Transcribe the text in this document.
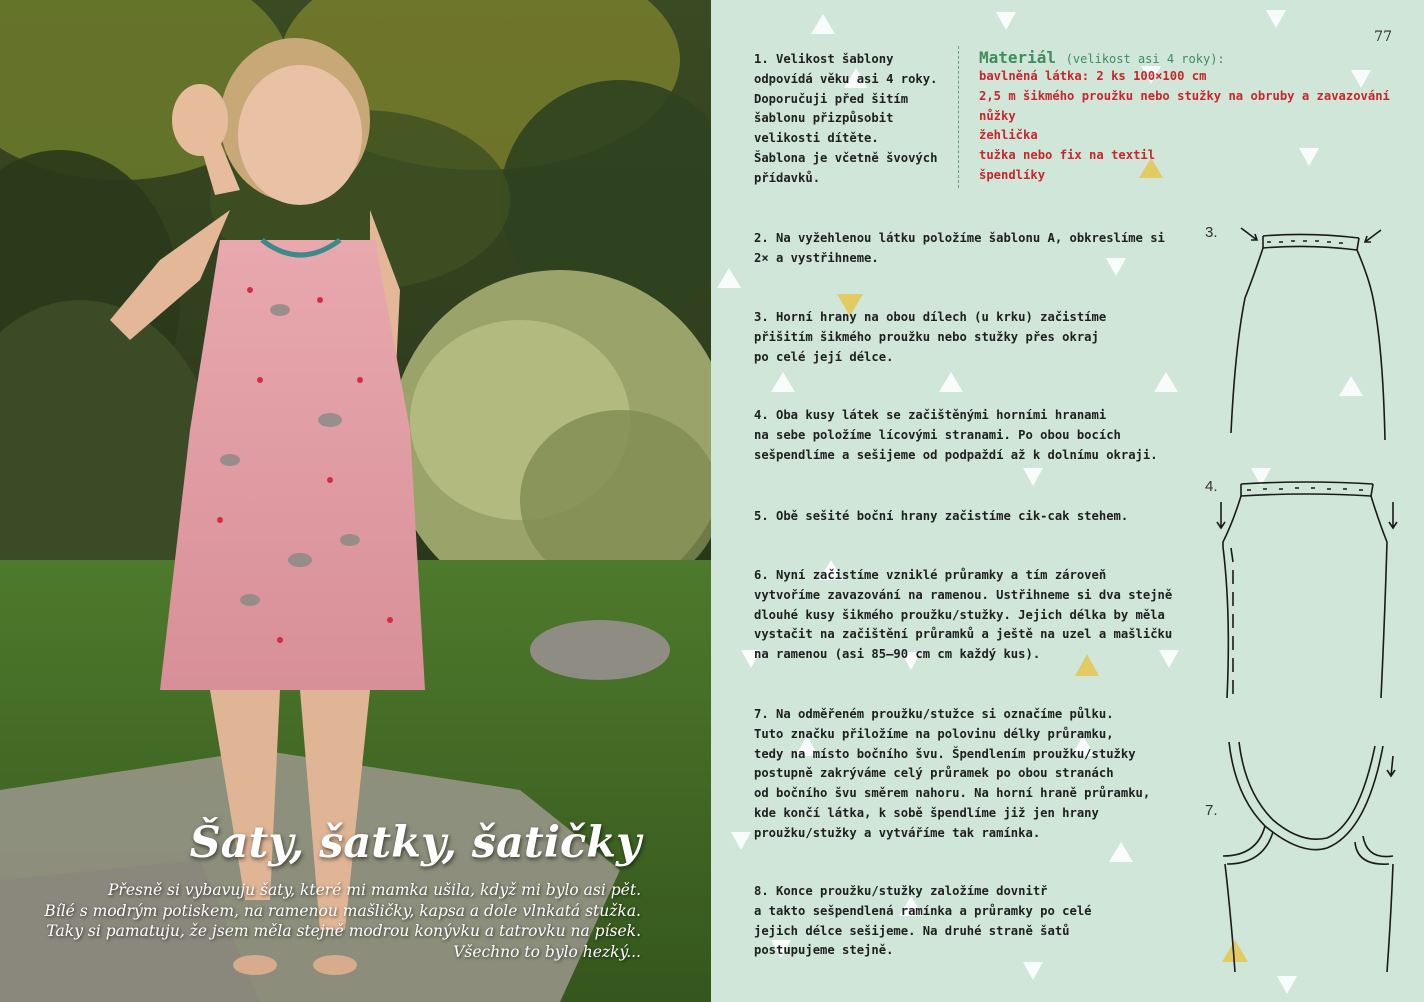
Šaty, šatky, šatičky

Přesně si vybavuju šaty, které mi mamka ušila, když mi bylo asi pět.
Bílé s modrým potiskem, na ramenou mašličky, kapsa a dole vlnkatá stužka.
Taky si pamatuju, že jsem měla stejně modrou konývku a tatrovku na písek.
Všechno to bylo hezký...

77

1. Velikost šablony
odpovídá věku asi 4 roky.
Doporučuji před šitím
šablonu přizpůsobit
velikosti dítěte.
Šablona je včetně švových
přídavků.

Materiál (velikost asi 4 roky):
bavlněná látka: 2 ks 100×100 cm
2,5 m šikmého proužku nebo stužky na obruby a zavazování
nůžky
žehlička
tužka nebo fix na textil
špendlíky

2. Na vyžehlenou látku položíme šablonu A, obkreslíme si
2× a vystřihneme.

3. Horní hrany na obou dílech (u krku) začistíme
přišitím šikmého proužku nebo stužky přes okraj
po celé její délce.

4. Oba kusy látek se začištěnými horními hranami
na sebe položíme lícovými stranami. Po obou bocích
sešpendlíme a sešijeme od podpaždí až k dolnímu okraji.

5. Obě sešité boční hrany začistíme cik-cak stehem.

6. Nyní začistíme vzniklé průramky a tím zároveň
vytvoříme zavazování na ramenou. Ustřihneme si dva stejně
dlouhé kusy šikmého proužku/stužky. Jejich délka by měla
vystačit na začištění průramků a ještě na uzel a mašličku
na ramenou (asi 85–90 cm cm každý kus).

7. Na odměřeném proužku/stužce si označíme půlku.
Tuto značku přiložíme na polovinu délky průramku,
tedy na místo bočního švu. Špendlením proužku/stužky
postupně zakrýváme celý průramek po obou stranách
od bočního švu směrem nahoru. Na horní hraně průramku,
kde končí látka, k sobě špendlíme již jen hrany
proužku/stužky a vytváříme tak ramínka.

8. Konce proužku/stužky založíme dovnitř
a takto sešpendlená ramínka a průramky po celé
jejich délce sešijeme. Na druhé straně šatů
postupujeme stejně.

3.
4.
7.
